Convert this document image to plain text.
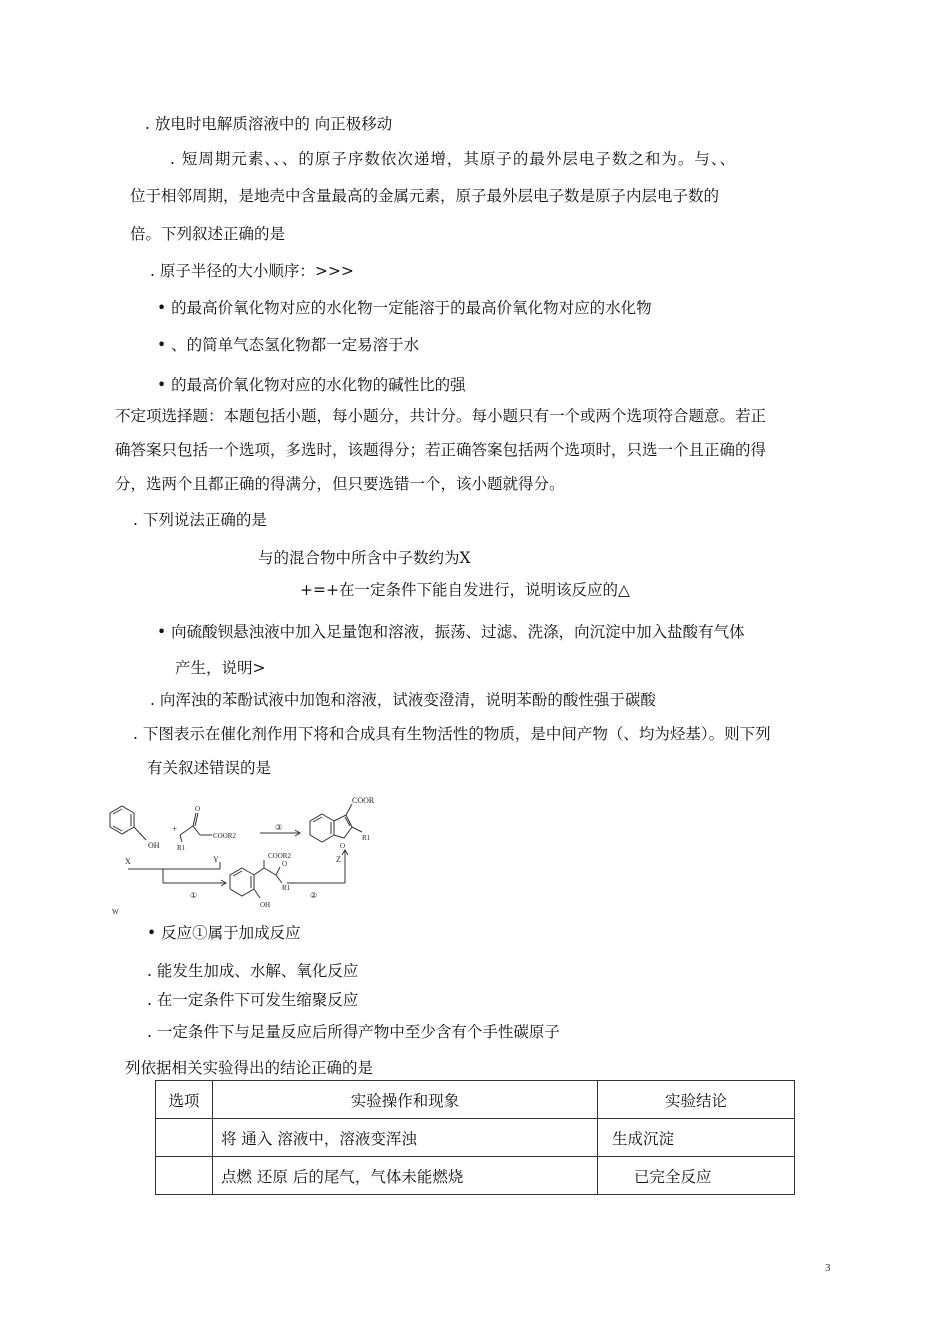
. 放电时电解质溶液中的 向正极移动
. 短周期元素、、、的原子序数依次递增，其原子的最外层电子数之和为。与、、
位于相邻周期，是地壳中含量最高的金属元素，原子最外层电子数是原子内层电子数的
倍。下列叙述正确的是
. 原子半径的大小顺序：>>>
• 的最高价氧化物对应的水化物一定能溶于的最高价氧化物对应的水化物
• 、的简单气态氢化物都一定易溶于水
• 的最高价氧化物对应的水化物的碱性比的强
不定项选择题：本题包括小题，每小题分，共计分。每小题只有一个或两个选项符合题意。若正
确答案只包括一个选项，多选时，该题得分；若正确答案包括两个选项时，只选一个且正确的得
分，选两个且都正确的得满分，但只要选错一个，该小题就得分。
. 下列说法正确的是
与的混合物中所含中子数约为X
+=+在一定条件下能自发进行，说明该反应的△
• 向硫酸钡悬浊液中加入足量饱和溶液，振荡、过滤、洗涤，向沉淀中加入盐酸有气体
产生，说明>
. 向浑浊的苯酚试液中加饱和溶液，试液变澄清，说明苯酚的酸性强于碳酸
. 下图表示在催化剂作用下将和合成具有生物活性的物质，是中间产物（、均为烃基）。则下列
有关叙述错误的是
OH
+
R1
COOR2
O
③
COOR
O
R1
X	Y	Z
W
①	②
COOR2
O
R1
OH
• 反应①属于加成反应
. 能发生加成、水解、氧化反应
. 在一定条件下可发生缩聚反应
. 一定条件下与足量反应后所得产物中至少含有个手性碳原子
列依据相关实验得出的结论正确的是
选项	实验操作和现象	实验结论
	将 通入 溶液中，溶液变浑浊	生成沉淀
	点燃 还原 后的尾气，气体未能燃烧	已完全反应
3
